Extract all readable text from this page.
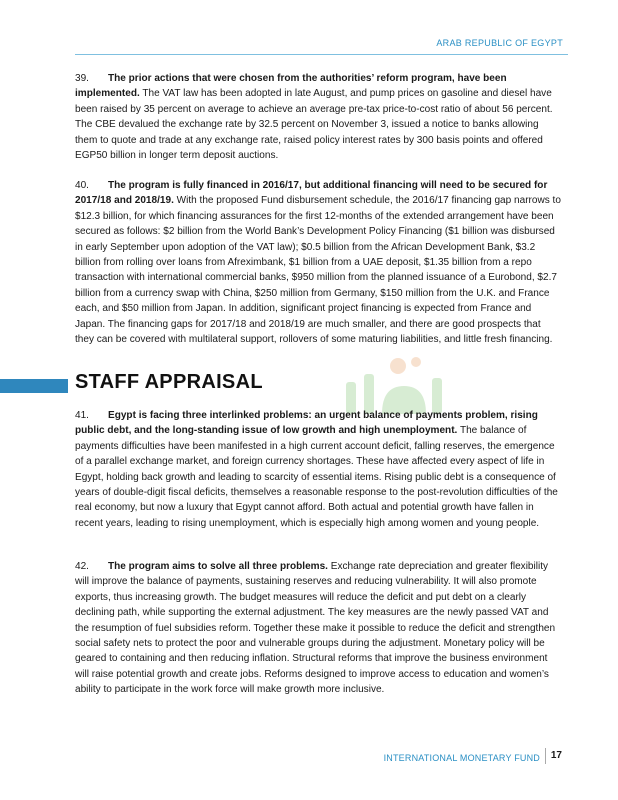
ARAB REPUBLIC OF EGYPT

39. The prior actions that were chosen from the authorities’ reform program, have been implemented. The VAT law has been adopted in late August, and pump prices on gasoline and diesel have been raised by 35 percent on average to achieve an average pre-tax price-to-cost ratio of about 56 percent. The CBE devalued the exchange rate by 32.5 percent on November 3, issued a notice to banks allowing them to quote and trade at any exchange rate, raised policy interest rates by 300 basis points and offered EGP50 billion in longer term deposit auctions.

40. The program is fully financed in 2016/17, but additional financing will need to be secured for 2017/18 and 2018/19. With the proposed Fund disbursement schedule, the 2016/17 financing gap narrows to $12.3 billion, for which financing assurances for the first 12-months of the extended arrangement have been secured as follows: $2 billion from the World Bank’s Development Policy Financing ($1 billion was disbursed in early September upon adoption of the VAT law); $0.5 billion from the African Development Bank, $3.2 billion from rolling over loans from Afreximbank, $1 billion from a UAE deposit, $1.35 billion from a repo transaction with international commercial banks, $950 million from the planned issuance of a Eurobond, $2.7 billion from a currency swap with China, $250 million from Germany, $150 million from the U.K. and France each, and $50 million from Japan. In addition, significant project financing is expected from France and Japan. The financing gaps for 2017/18 and 2018/19 are much smaller, and there are good prospects that they can be covered with multilateral support, rollovers of some maturing liabilities, and little fresh financing.

STAFF APPRAISAL

41. Egypt is facing three interlinked problems: an urgent balance of payments problem, rising public debt, and the long-standing issue of low growth and high unemployment. The balance of payments difficulties have been manifested in a high current account deficit, falling reserves, the emergence of a parallel exchange market, and foreign currency shortages. These have affected every aspect of life in Egypt, holding back growth and leading to scarcity of essential items. Rising public debt is a consequence of years of double-digit fiscal deficits, themselves a reasonable response to the post-revolution difficulties of the real economy, but now a luxury that Egypt cannot afford. Both actual and potential growth have fallen in recent years, leading to rising unemployment, which is especially high among women and young people.

42. The program aims to solve all three problems. Exchange rate depreciation and greater flexibility will improve the balance of payments, sustaining reserves and reducing vulnerability. It will also promote exports, thus increasing growth. The budget measures will reduce the deficit and put debt on a clearly declining path, while supporting the external adjustment. The key measures are the newly passed VAT and the resumption of fuel subsidies reform. Together these make it possible to reduce the deficit and strengthen social safety nets to protect the poor and vulnerable groups during the adjustment. Monetary policy will be geared to containing and then reducing inflation. Structural reforms that improve the business environment will raise potential growth and create jobs. Reforms designed to improve access to education and women’s ability to participate in the work force will make growth more inclusive.

INTERNATIONAL MONETARY FUND 17
